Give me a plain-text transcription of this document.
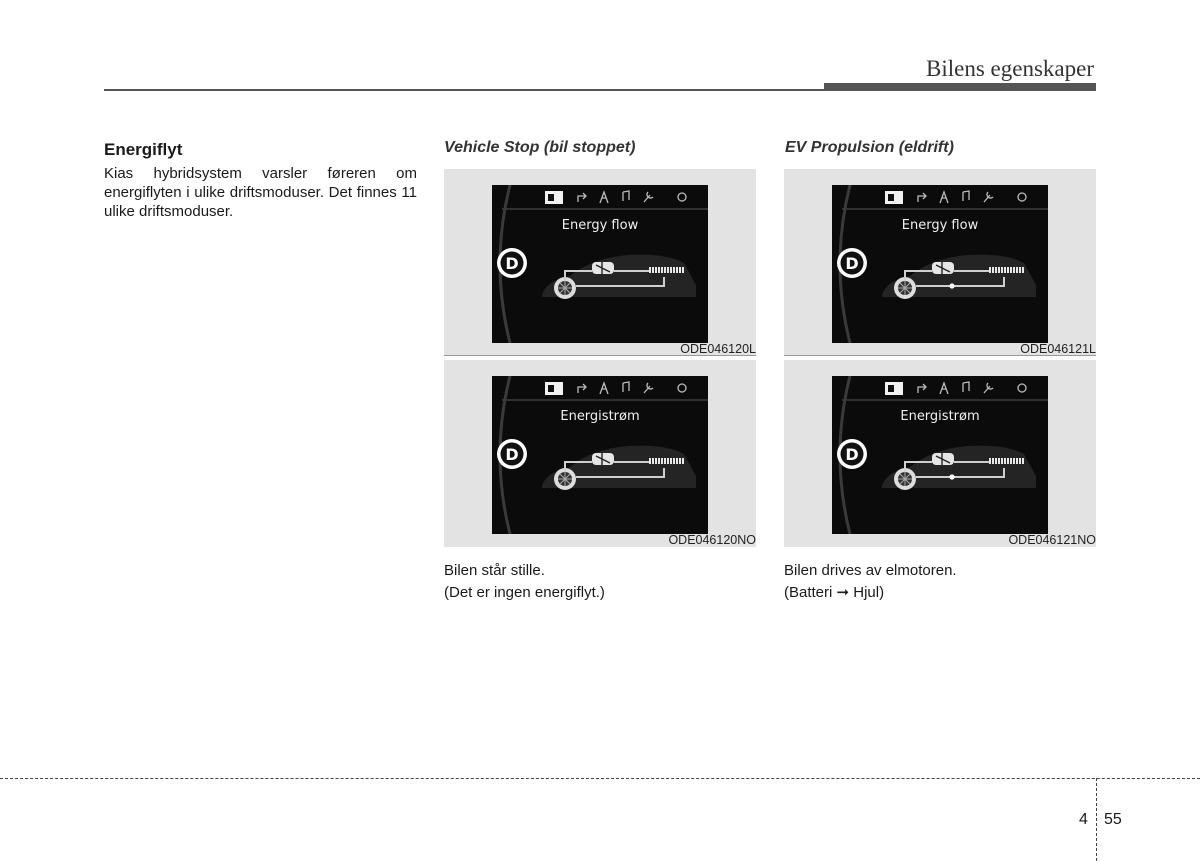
Bilens egenskaper
Energiflyt
Kias hybridsystem varsler føreren om energiflyten i ulike driftsmoduser. Det finnes 11 ulike driftsmoduser.
Vehicle Stop (bil stoppet)	EV Propulsion (eldrift)
D
Energy flow
ODE046120L
D
Energistrøm
ODE046120NO
D
Energy flow
ODE046121L
D
Energistrøm
ODE046121NO
Bilen står stille.
(Det er ingen energiflyt.)
Bilen drives av elmotoren.
(Batteri ➞ Hjul)
4 55
